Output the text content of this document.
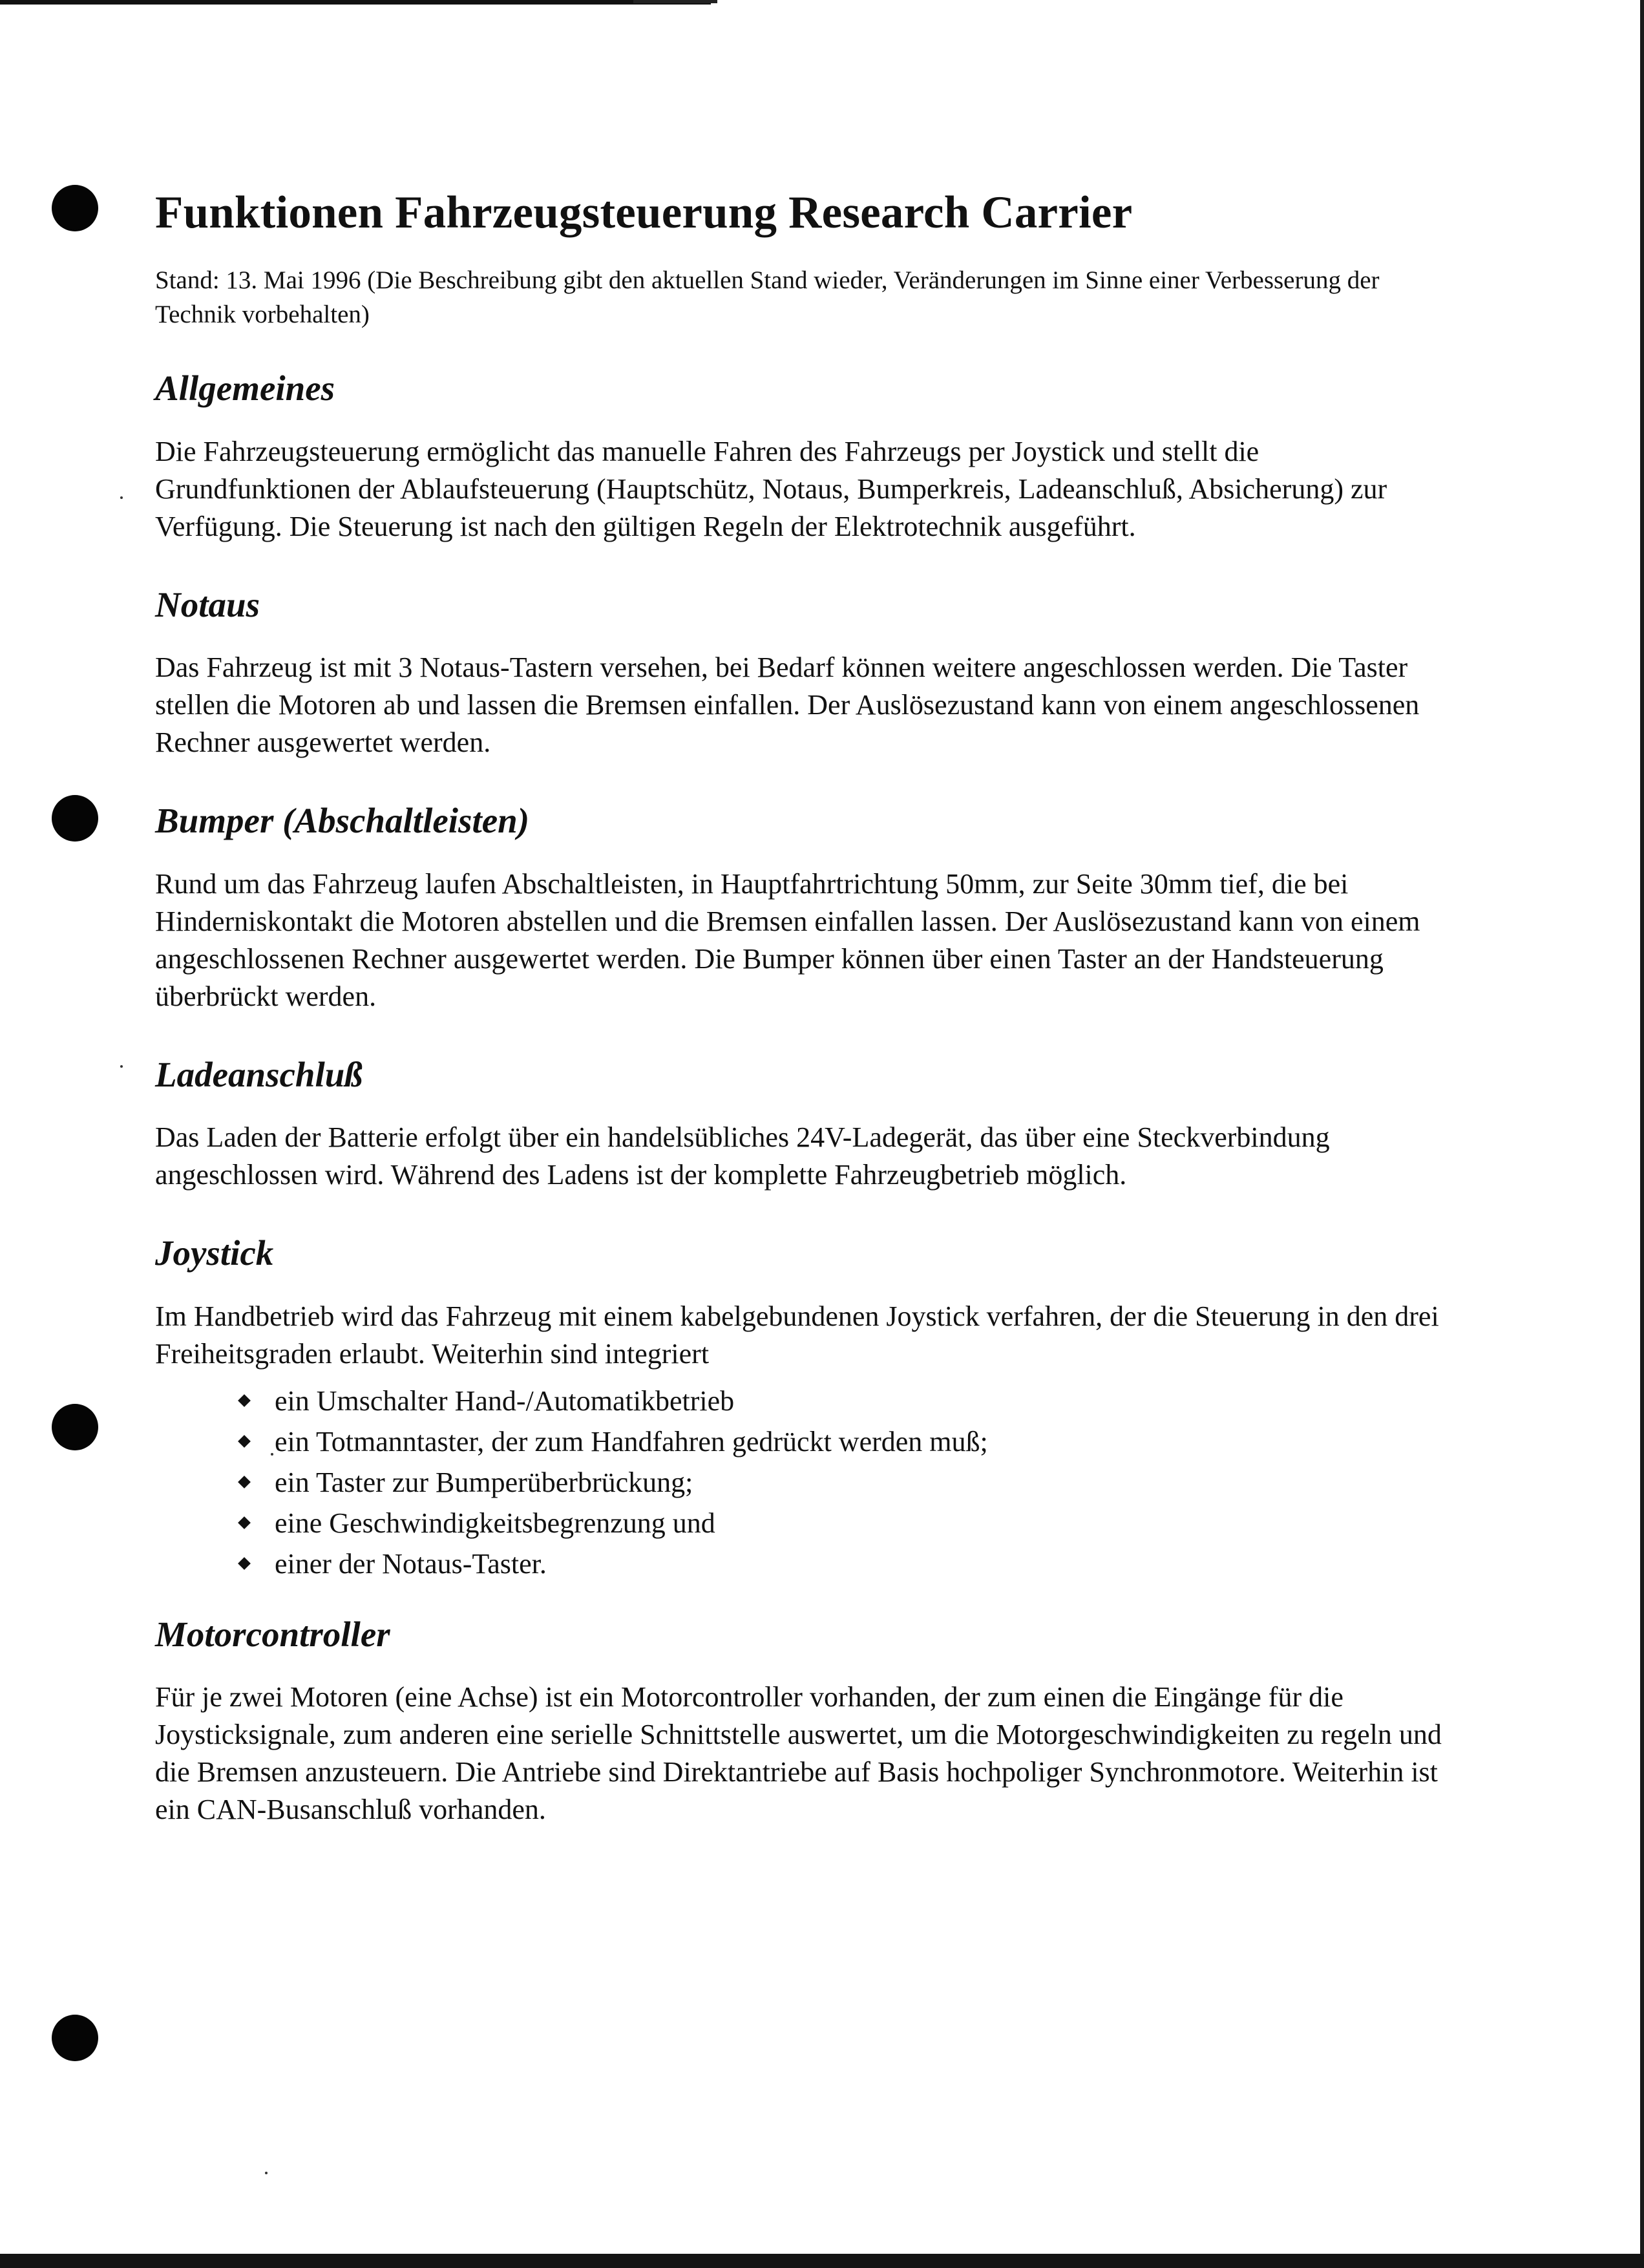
Funktionen Fahrzeugsteuerung Research Carrier

Stand: 13. Mai 1996 (Die Beschreibung gibt den aktuellen Stand wieder, Veränderungen im Sinne einer Verbesserung der Technik vorbehalten)

Allgemeines

Die Fahrzeugsteuerung ermöglicht das manuelle Fahren des Fahrzeugs per Joystick und stellt die Grundfunktionen der Ablaufsteuerung (Hauptschütz, Notaus, Bumperkreis, Ladeanschluß, Absicherung) zur Verfügung. Die Steuerung ist nach den gültigen Regeln der Elektrotechnik ausgeführt.

Notaus

Das Fahrzeug ist mit 3 Notaus-Tastern versehen, bei Bedarf können weitere angeschlossen werden. Die Taster stellen die Motoren ab und lassen die Bremsen einfallen. Der Auslösezustand kann von einem angeschlossenen Rechner ausgewertet werden.

Bumper (Abschaltleisten)

Rund um das Fahrzeug laufen Abschaltleisten, in Hauptfahrtrichtung 50mm, zur Seite 30mm tief, die bei Hinderniskontakt die Motoren abstellen und die Bremsen einfallen lassen. Der Auslösezustand kann von einem angeschlossenen Rechner ausgewertet werden. Die Bumper können über einen Taster an der Handsteuerung überbrückt werden.

Ladeanschluß

Das Laden der Batterie erfolgt über ein handelsübliches 24V-Ladegerät, das über eine Steckverbindung angeschlossen wird. Während des Ladens ist der komplette Fahrzeugbetrieb möglich.

Joystick

Im Handbetrieb wird das Fahrzeug mit einem kabelgebundenen Joystick verfahren, der die Steuerung in den drei Freiheitsgraden erlaubt. Weiterhin sind integriert

ein Umschalter Hand-/Automatikbetrieb
ein Totmanntaster, der zum Handfahren gedrückt werden muß;
ein Taster zur Bumperüberbrückung;
eine Geschwindigkeitsbegrenzung und
einer der Notaus-Taster.
Motorcontroller

Für je zwei Motoren (eine Achse) ist ein Motorcontroller vorhanden, der zum einen die Eingänge für die Joysticksignale, zum anderen eine serielle Schnittstelle auswertet, um die Motorgeschwindigkeiten zu regeln und die Bremsen anzusteuern. Die Antriebe sind Direktantriebe auf Basis hochpoliger Synchronmotore. Weiterhin ist ein CAN-Busanschluß vorhanden.
